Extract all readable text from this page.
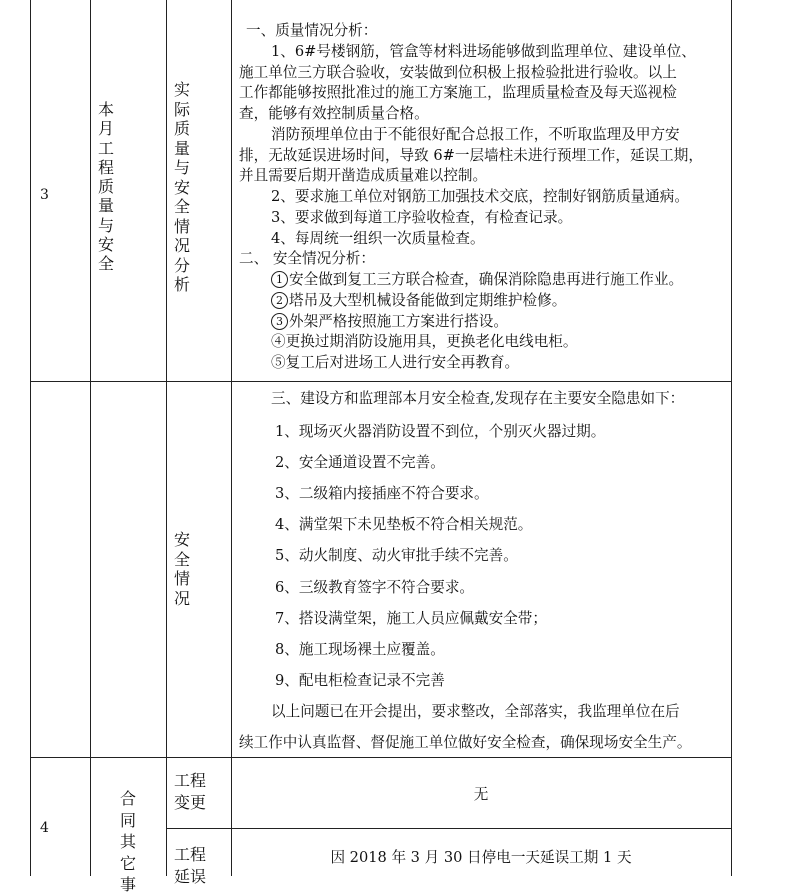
3
本月工程质量与安全
实际质量与安全情况分析
一、质量情况分析：
1、6#号楼钢筋，管盒等材料进场能够做到监理单位、建设单位、
施工单位三方联合验收，安装做到位积极上报检验批进行验收。以上
工作都能够按照批准过的施工方案施工，监理质量检查及每天巡视检
查，能够有效控制质量合格。
消防预埋单位由于不能很好配合总报工作，不听取监理及甲方安
排，无故延误进场时间，导致 6#一层墙柱未进行预埋工作，延误工期，
并且需要后期开凿造成质量难以控制。
2、要求施工单位对钢筋工加强技术交底，控制好钢筋质量通病。
3、要求做到每道工序验收检查，有检查记录。
4、每周统一组织一次质量检查。
二、 安全情况分析：
1 安全做到复工三方联合检查，确保消除隐患再进行施工作业。
2 塔吊及大型机械设备能做到定期维护检修。
3 外架严格按照施工方案进行搭设。
④更换过期消防设施用具，更换老化电线电柜。
⑤复工后对进场工人进行安全再教育。
安全情况
三、建设方和监理部本月安全检查,发现存在主要安全隐患如下：
1、现场灭火器消防设置不到位，个别灭火器过期。
2、安全通道设置不完善。
3、二级箱内接插座不符合要求。
4、满堂架下未见垫板不符合相关规范。
5、动火制度、动火审批手续不完善。
6、三级教育签字不符合要求。
7、搭设满堂架，施工人员应佩戴安全带；
8、施工现场裸土应覆盖。
9、配电柜检查记录不完善
以上问题已在开会提出，要求整改，全部落实，我监理单位在后
续工作中认真监督、督促施工单位做好安全检查，确保现场安全生产。
4
合同其它事
工程变更	无
工程延误
因 2018 年 3 月 30 日停电一天延误工期 1 天
